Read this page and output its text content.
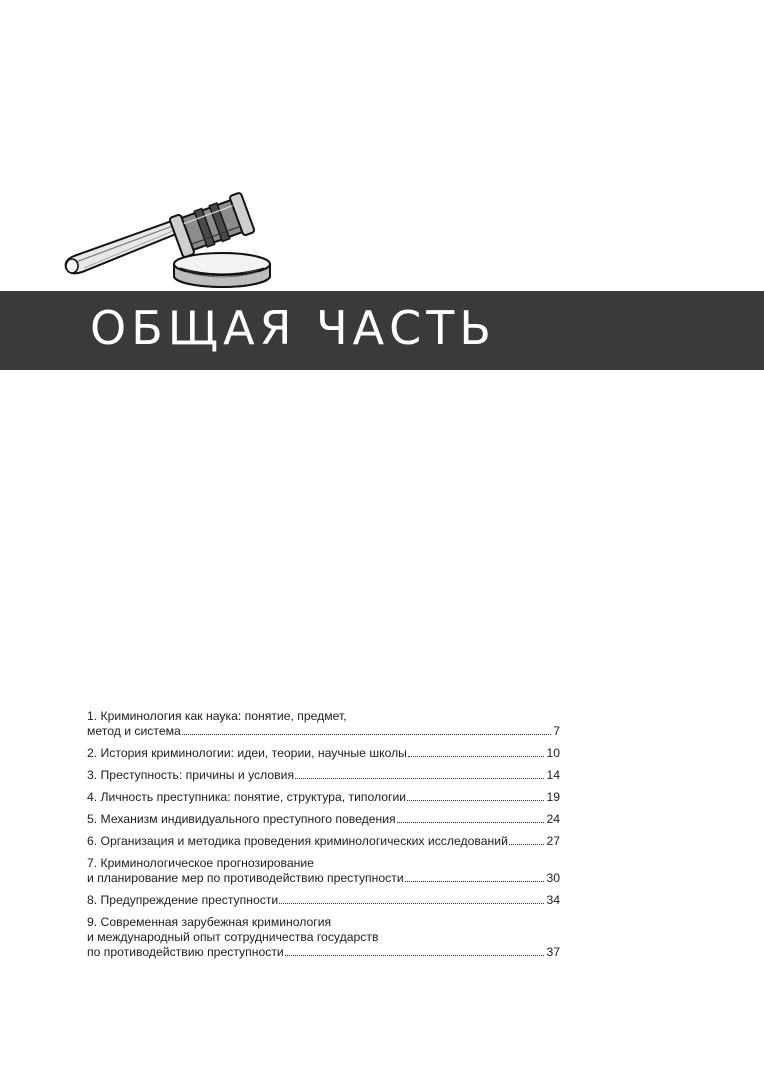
ОБЩАЯ ЧАСТЬ
1. Криминология как наука: понятие, предмет,
метод и система	7
2. История криминологии: идеи, теории, научные школы	10
3. Преступность: причины и условия	14
4. Личность преступника: понятие, структура, типологии	19
5. Механизм индивидуального преступного поведения	24
6. Организация и методика проведения криминологических исследований	27
7. Криминологическое прогнозирование
и планирование мер по противодействию преступности	30
8. Предупреждение преступности	34
9. Современная зарубежная криминология
и международный опыт сотрудничества государств
по противодействию преступности	37
